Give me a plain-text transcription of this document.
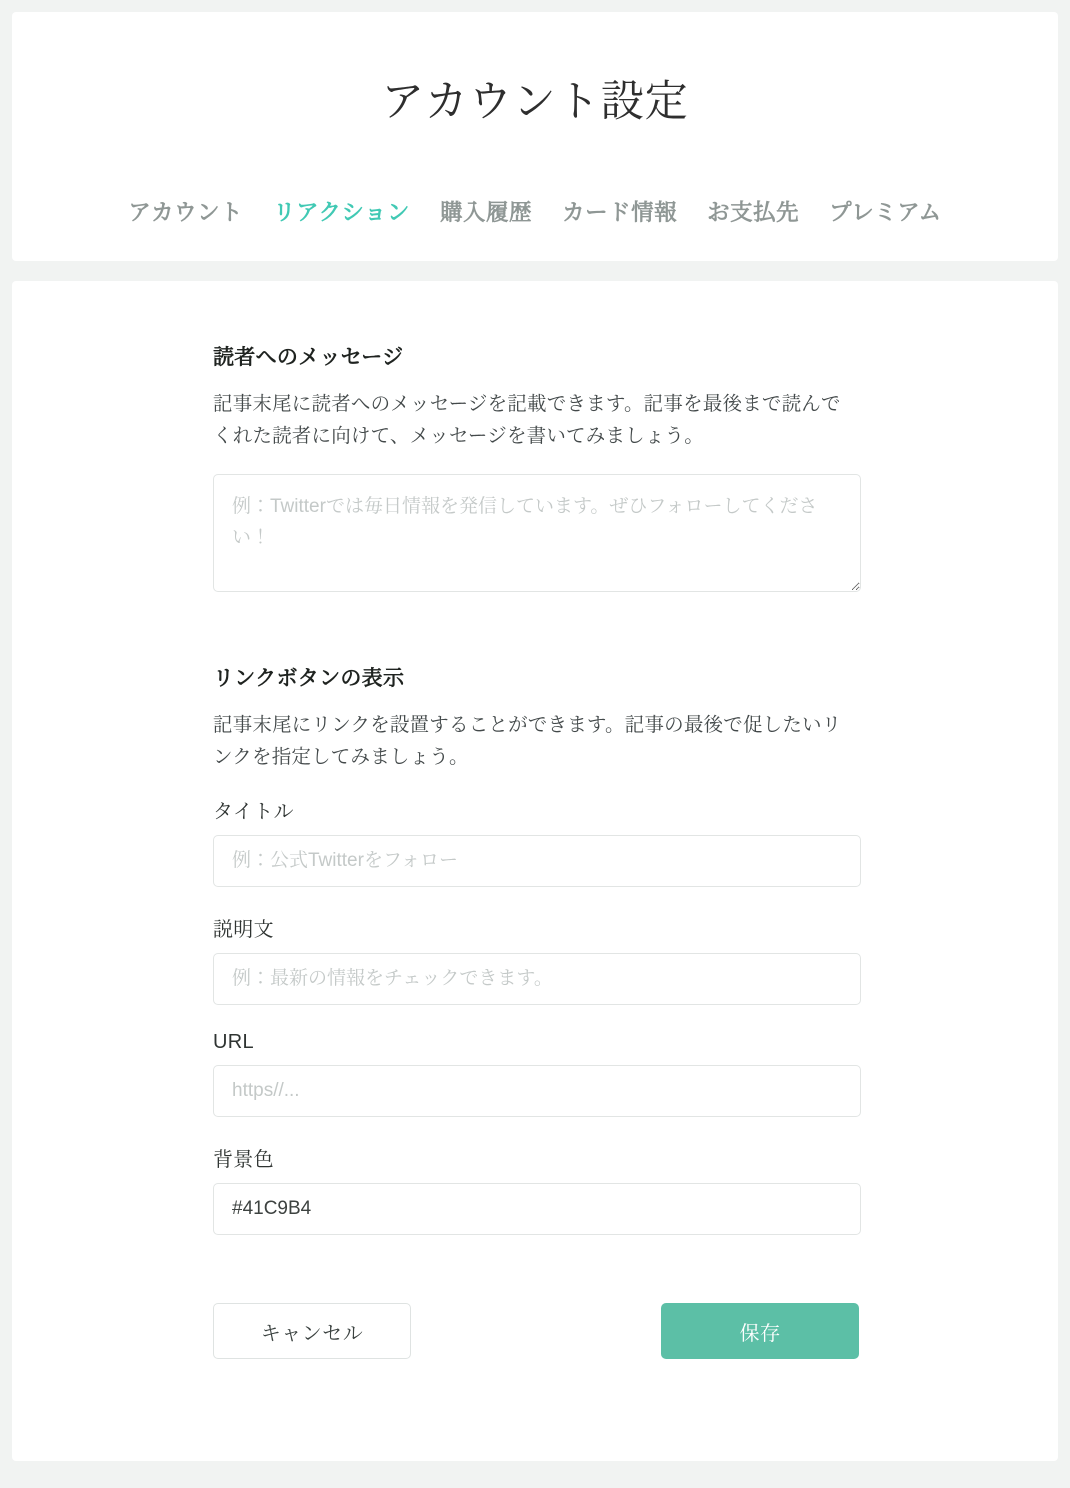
アカウント設定
アカウント リアクション 購入履歴 カード情報 お支払先 プレミアム
読者へのメッセージ

記事末尾に読者へのメッセージを記載できます。記事を最後まで読んでくれた読者に向けて、メッセージを書いてみましょう。

例：Twitterでは毎日情報を発信しています。ぜひフォローしてください！
リンクボタンの表示

記事末尾にリンクを設置することができます。記事の最後で促したいリンクを指定してみましょう。

タイトル
例：公式Twitterをフォロー
説明文
例：最新の情報をチェックできます。
URL
https//...
背景色
#41C9B4
キャンセル	保存
